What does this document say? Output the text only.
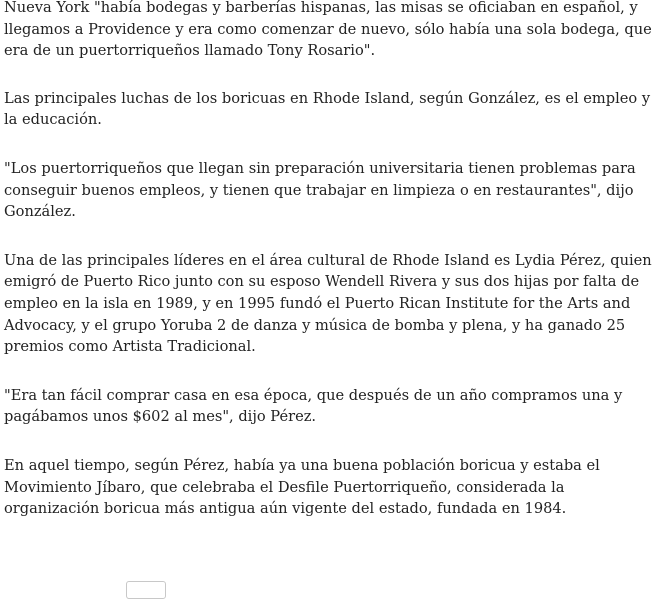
Nueva York "había bodegas y barberías hispanas, las misas se oficiaban en español, y llegamos a Providence y era como comenzar de nuevo, sólo había una sola bodega, que era de un puertorriqueños llamado Tony Rosario".

Las principales luchas de los boricuas en Rhode Island, según González, es el empleo y la educación.

"Los puertorriqueños que llegan sin preparación universitaria tienen problemas para conseguir buenos empleos, y tienen que trabajar en limpieza o en restaurantes", dijo González.

Una de las principales líderes en el área cultural de Rhode Island es Lydia Pérez, quien emigró de Puerto Rico junto con su esposo Wendell Rivera y sus dos hijas por falta de empleo en la isla en 1989, y en 1995 fundó el Puerto Rican Institute for the Arts and Advocacy, y el grupo Yoruba 2 de danza y música de bomba y plena, y ha ganado 25 premios como Artista Tradicional.

"Era tan fácil comprar casa en esa época, que después de un año compramos una y pagábamos unos $602 al mes", dijo Pérez.

En aquel tiempo, según Pérez, había ya una buena población boricua y estaba el Movimiento Jíbaro, que celebraba el Desfile Puertorriqueño, considerada la organización boricua más antigua aún vigente del estado, fundada en 1984.
